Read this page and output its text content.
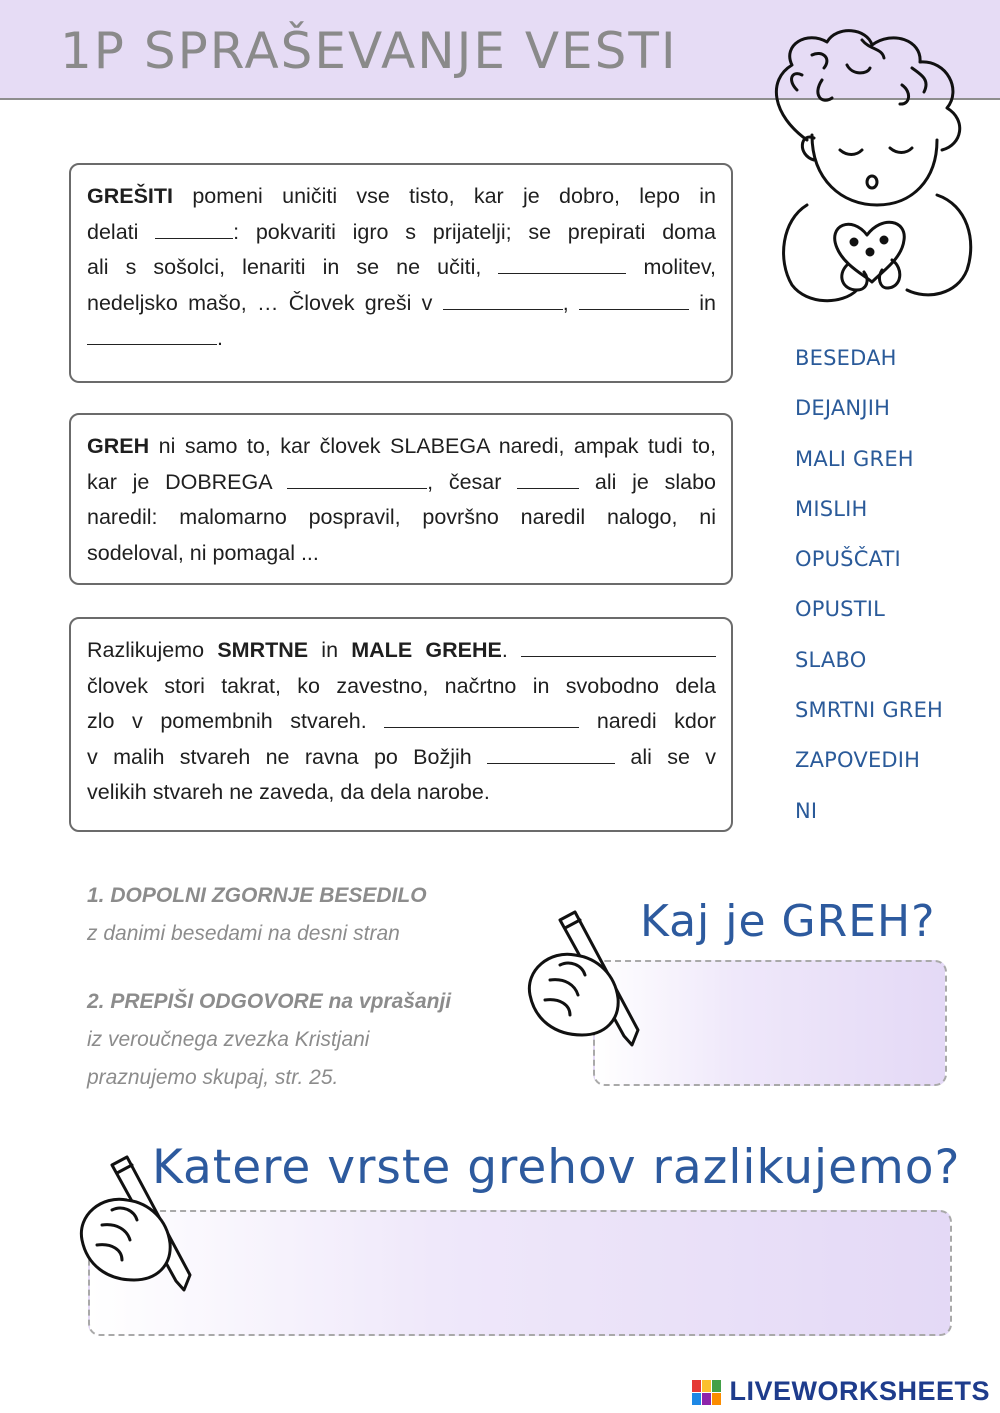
1P SPRAŠEVANJE VESTI
GREŠITI pomeni uničiti vse tisto, kar je dobro, lepo in
delati	: pokvariti igro s prijatelji; se prepirati doma
ali s sošolci, lenariti in se ne učiti,	molitev,
nedeljsko mašo, … Človek greši v	,	in
.
GREH ni samo to, kar človek SLABEGA naredi, ampak tudi to,
kar je DOBREGA	, česar	ali je slabo
naredil: malomarno pospravil, površno naredil nalogo, ni
sodeloval, ni pomagal ...
Razlikujemo SMRTNE in MALE GREHE.
človek stori takrat, ko zavestno, načrtno in svobodno dela
zlo v pomembnih stvareh.	naredi kdor
v malih stvareh ne ravna po Božjih	ali se v
velikih stvareh ne zaveda, da dela narobe.
BESEDAH
DEJANJIH
MALI GREH
MISLIH
OPUŠČATI
OPUSTIL
SLABO
SMRTNI GREH
ZAPOVEDIH
NI
1. DOPOLNI ZGORNJE BESEDILO
z danimi besedami na desni stran
2. PREPIŠI ODGOVORE na vprašanji
iz veroučnega zvezka Kristjani
praznujemo skupaj, str. 25.
Kaj je GREH?
Katere vrste grehov razlikujemo?
LIVEWORKSHEETS
